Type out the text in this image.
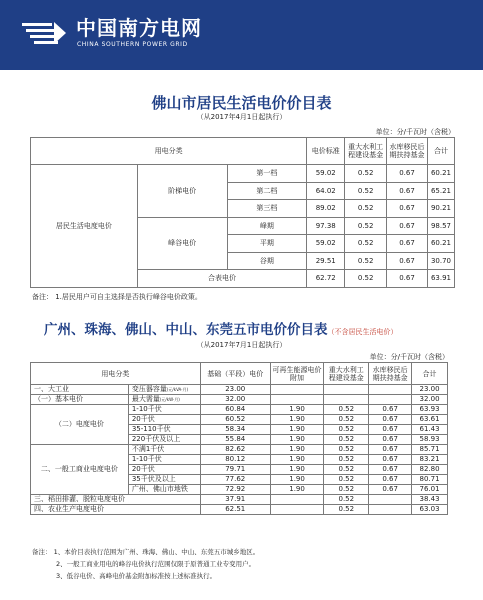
中国南方电网
CHINA SOUTHERN POWER GRID
佛山市居民生活电价价目表
（从2017年4月1日起执行）
单位：分/千瓦时（含税）
用电分类			电价标准	重大水利工程建设基金	水库移民后期扶持基金	合计
居民生活电度电价	阶梯电价	第一档	59.02	0.52	0.67	60.21
		第二档	64.02	0.52	0.67	65.21
		第三档	89.02	0.52	0.67	90.21
	峰谷电价	峰期	97.38	0.52	0.67	98.57
		平期	59.02	0.52	0.67	60.21
		谷期	29.51	0.52	0.67	30.70
	合表电价		62.72	0.52	0.67	63.91
备注： 1.居民用户可自主选择是否执行峰谷电价政策。
广州、珠海、佛山、中山、东莞五市电价价目表（不含居民生活电价）
（从2017年7月1日起执行）
单位：分/千瓦时（含税）
用电分类		基础（平段）电价	可再生能源电价附加	重大水利工程建设基金	水库移民后期扶持基金	合计
一、大工业	变压器容量(元/kVA·月)	23.00				23.00
（一）基本电价	最大需量(元/kW·月)	32.00				32.00
（二）电度电价	1-10千伏	60.84	1.90	0.52	0.67	63.93
	20千伏	60.52	1.90	0.52	0.67	63.61
	35-110千伏	58.34	1.90	0.52	0.67	61.43
	220千伏及以上	55.84	1.90	0.52	0.67	58.93
二、一般工商业电度电价	不满1千伏	82.62	1.90	0.52	0.67	85.71
	1-10千伏	80.12	1.90	0.52	0.67	83.21
	20千伏	79.71	1.90	0.52	0.67	82.80
	35千伏及以上	77.62	1.90	0.52	0.67	80.71
	广州、佛山市地铁	72.92	1.90	0.52	0.67	76.01
三、稻田排灌、脱粒电度电价		37.91		0.52		38.43
四、农业生产电度电价		62.51		0.52		63.03
备注： 1、本价目表执行范围为广州、珠海、佛山、中山、东莞五市城乡地区。
2、一般工商业用电的峰谷电价执行范围仅限于原普通工业专变用户。
3、低谷电价、高峰电价基金附加标准按上述标准执行。
